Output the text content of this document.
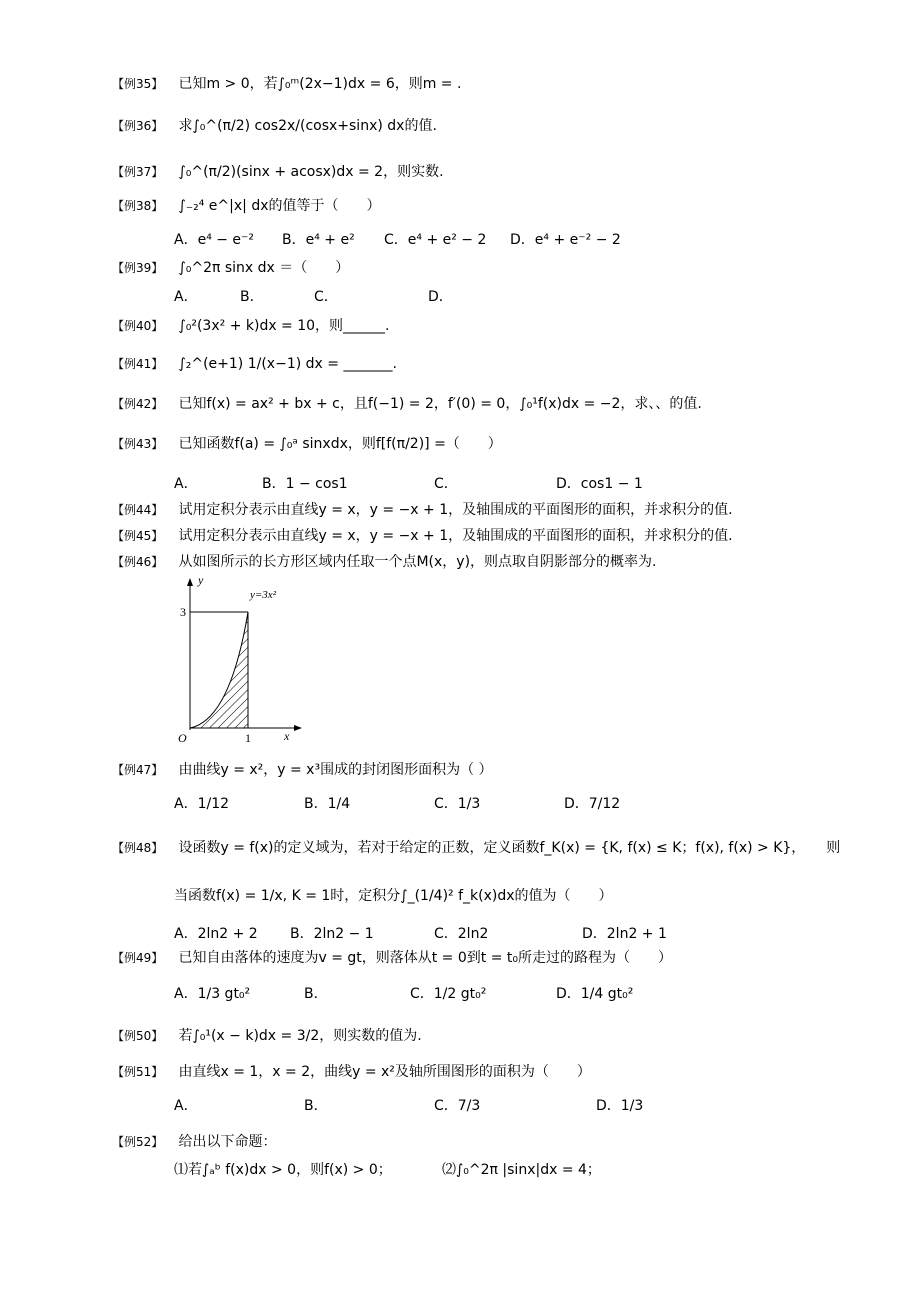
【例35】 已知m > 0，若∫₀ᵐ(2x−1)dx = 6，则m = .
【例36】 求∫₀^(π/2) cos2x/(cosx+sinx) dx的值.
【例37】 ∫₀^(π/2)(sinx + acosx)dx = 2，则实数.
【例38】 ∫₋₂⁴ e^|x| dx的值等于（　　）
A．e⁴ − e⁻² B．e⁴ + e² C．e⁴ + e² − 2 D．e⁴ + e⁻² − 2
【例39】 ∫₀^2π sinx dx ＝（　　）
A．	B．	C．	D．
【例40】 ∫₀²(3x² + k)dx = 10，则______.
【例41】 ∫₂^(e+1) 1/(x−1) dx = _______.
【例42】 已知f(x) = ax² + bx + c，且f(−1) = 2，f′(0) = 0，∫₀¹f(x)dx = −2，求、、的值.
【例43】 已知函数f(a) = ∫₀ᵃ sinxdx，则f[f(π/2)] =（　　）
A．	B．1 − cos1	C．	D．cos1 − 1
【例44】 试用定积分表示由直线y = x，y = −x + 1，及轴围成的平面图形的面积，并求积分的值.
【例45】 试用定积分表示由直线y = x，y = −x + 1，及轴围成的平面图形的面积，并求积分的值.
【例46】 从如图所示的长方形区域内任取一个点M(x，y)，则点取自阴影部分的概率为.
y
x
y=3x²
3
1
O
【例47】 由曲线y = x²，y = x³围成的封闭图形面积为（ ）
A．1/12	B．1/4	C．1/3	D．7/12
【例48】 设函数y = f(x)的定义域为，若对于给定的正数，定义函数f_K(x) = {K, f(x) ≤ K；f(x), f(x) > K}，　　则
当函数f(x) = 1/x, K = 1时，定积分∫_(1/4)² f_k(x)dx的值为（　　）
A．2ln2 + 2 B．2ln2 − 1	C．2ln2	D．2ln2 + 1
【例49】 已知自由落体的速度为v = gt，则落体从t = 0到t = t₀所走过的路程为（　　）
A．1/3 gt₀²	B．	C．1/2 gt₀²	D．1/4 gt₀²
【例50】 若∫₀¹(x − k)dx = 3/2，则实数的值为.
【例51】 由直线x = 1，x = 2，曲线y = x²及轴所围图形的面积为（　　）
A．	B．	C．7/3	D．1/3
【例52】 给出以下命题：
⑴若∫ₐᵇ f(x)dx > 0，则f(x) > 0；	⑵∫₀^2π |sinx|dx = 4；
